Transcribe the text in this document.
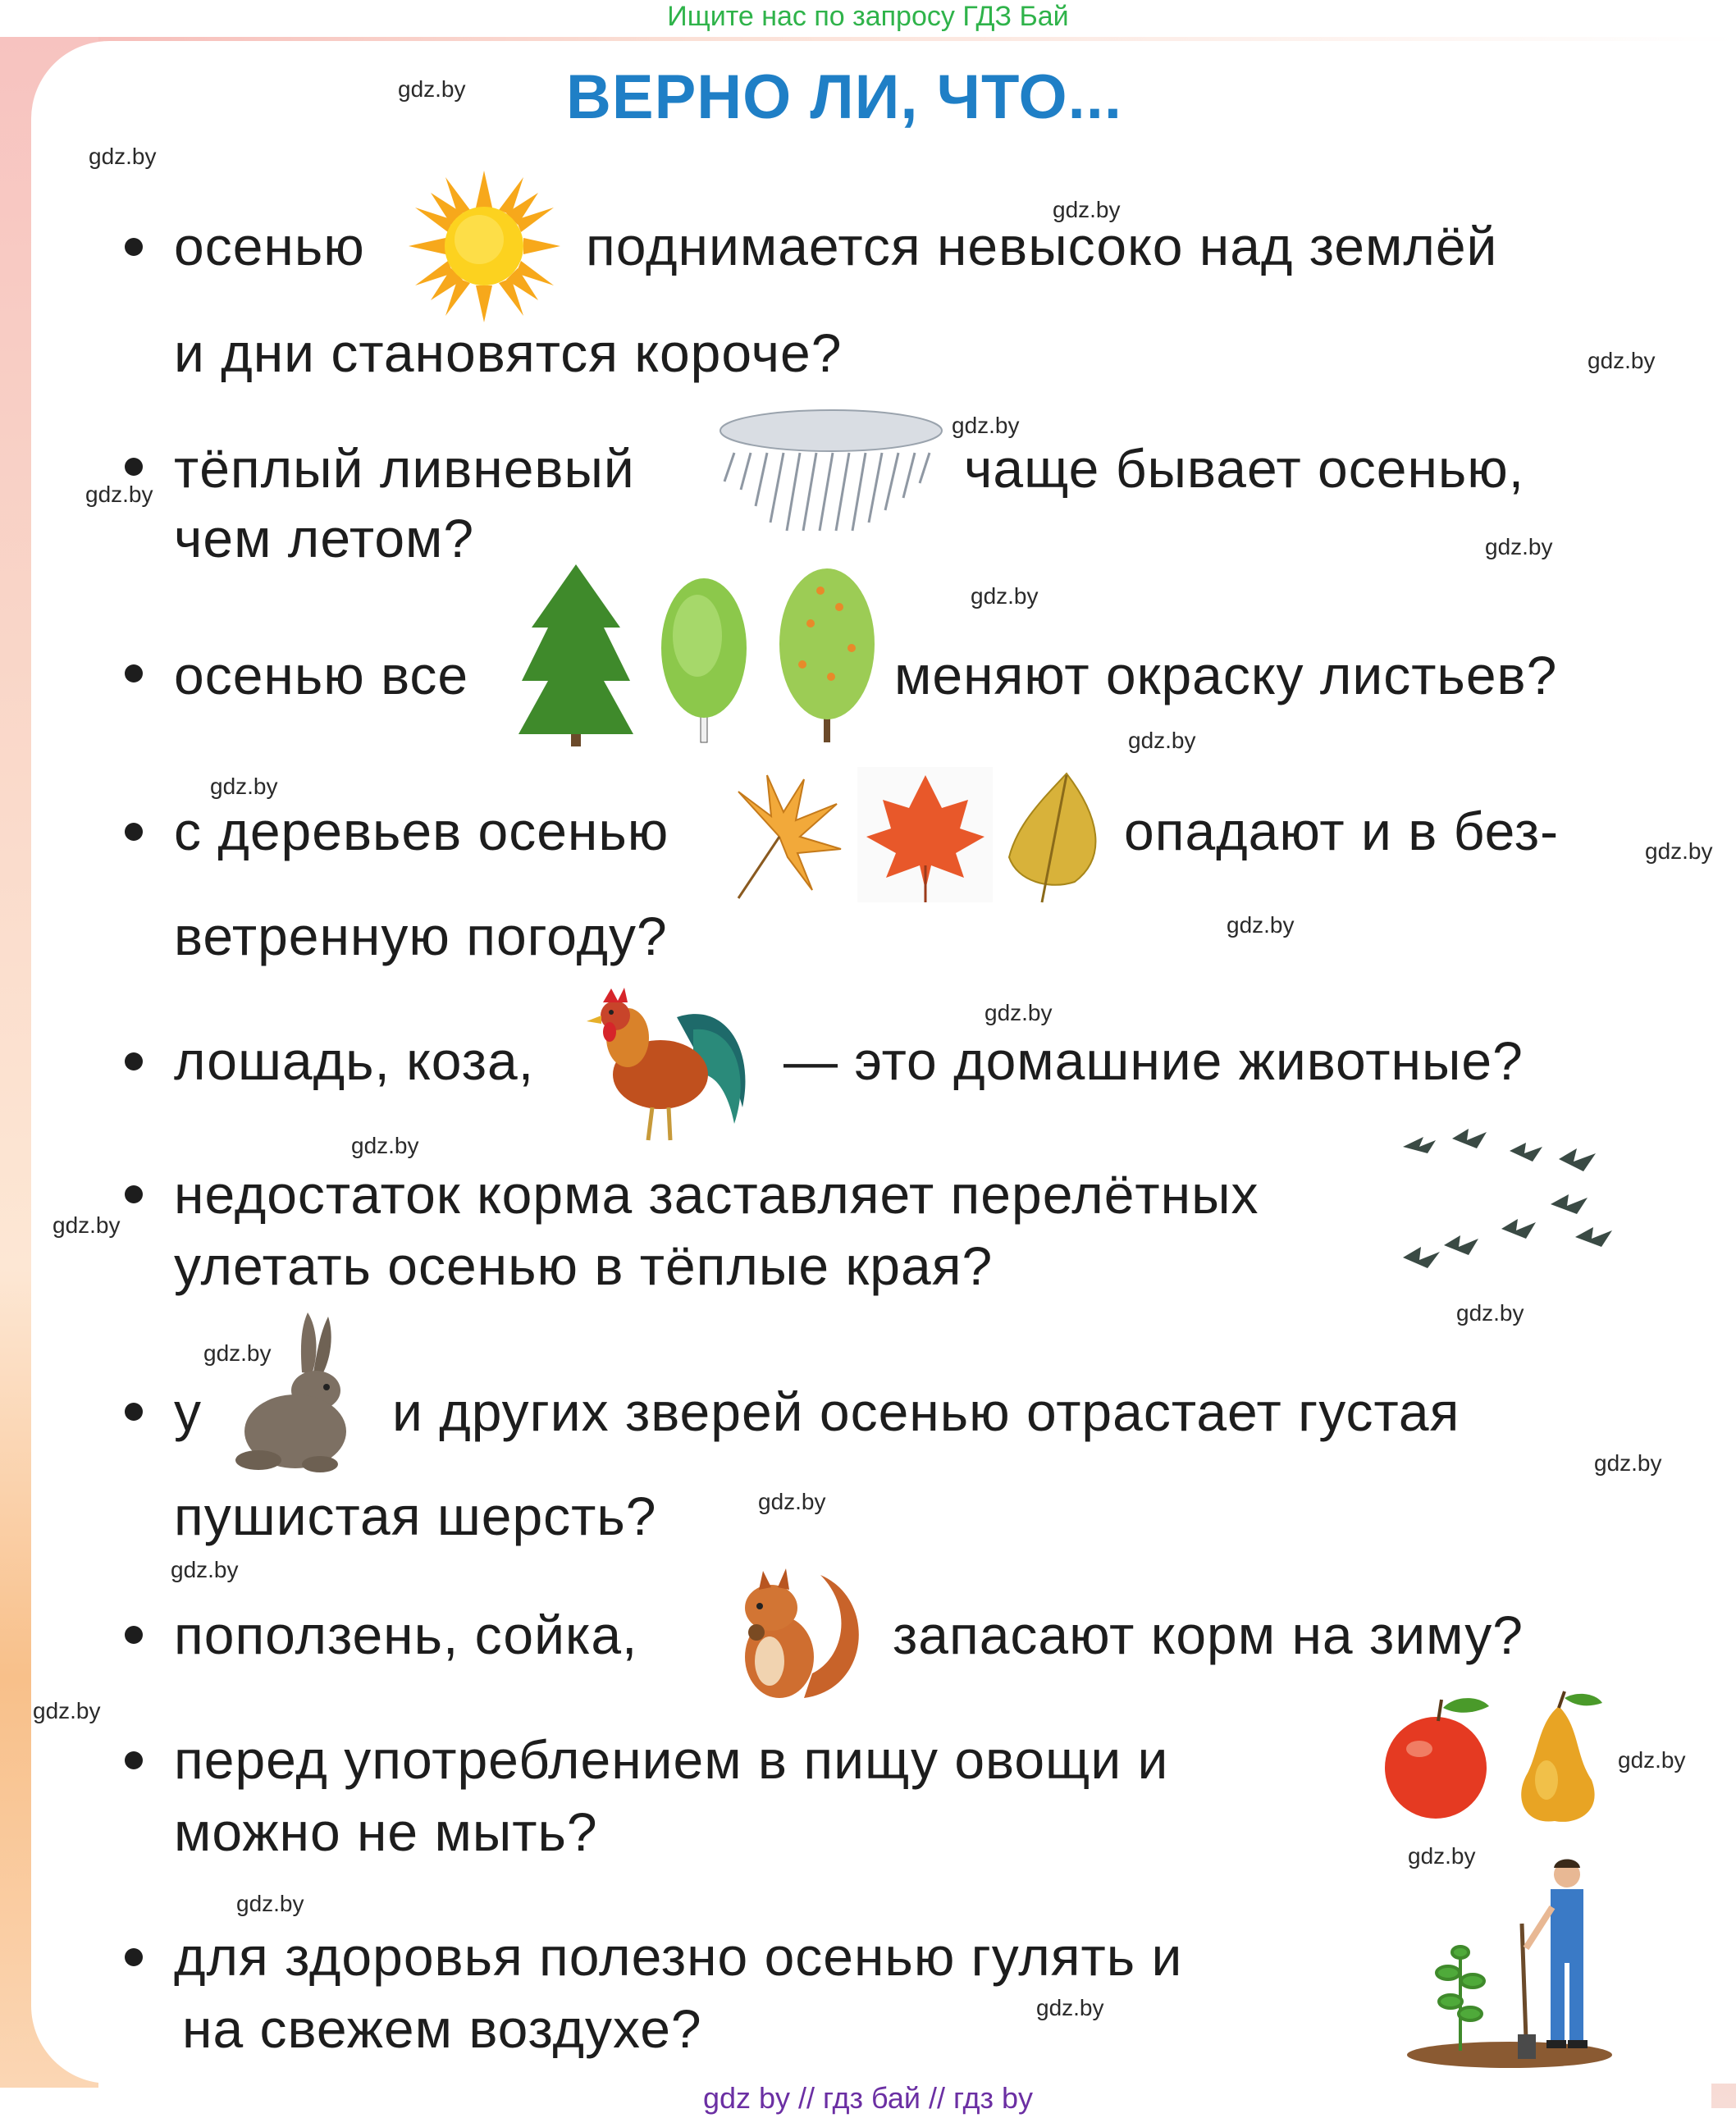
Ищите нас по запросу ГДЗ Бай
ВЕРНО ЛИ, ЧТО...
gdz.by
gdz.by
gdz.by
gdz.by
gdz.by
gdz.by
gdz.by
gdz.by
gdz.by
gdz.by
gdz.by
gdz.by
gdz.by
gdz.by
gdz.by
gdz.by
gdz.by
gdz.by
gdz.by
gdz.by
gdz.by
gdz.by
gdz.by
gdz.by
gdz.by
осенью	поднимается невысоко над землёй
и дни становятся короче?
тёплый ливневый	чаще бывает осенью,
чем летом?
осенью все	меняют окраску листьев?
с деревьев осенью	опадают и в без-
ветренную погоду?
лошадь, коза,	— это домашние животные?
недостаток корма заставляет перелётных
улетать осенью в тёплые края?
у	и других зверей осенью отрастает густая
пушистая шерсть?
поползень, сойка,	запасают корм на зиму?
перед употреблением в пищу овощи и
можно не мыть?
для здоровья полезно осенью гулять и
на свежем воздухе?
gdz by // гдз бай // гдз by
